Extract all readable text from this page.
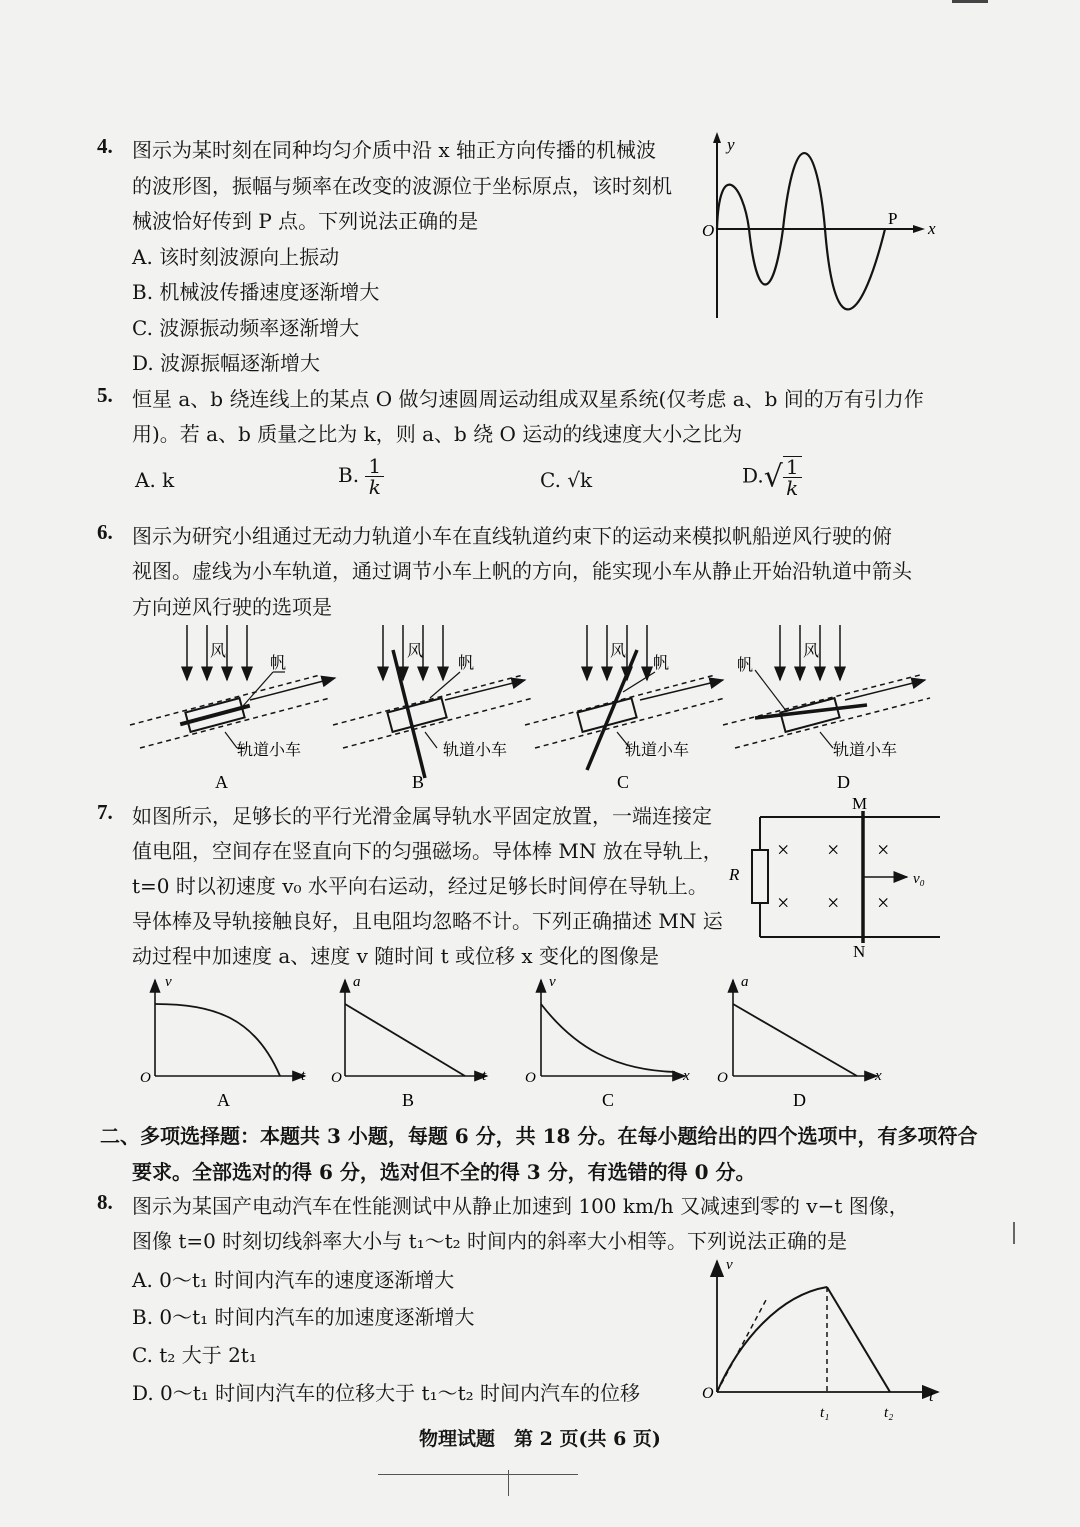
4. 图示为某时刻在同种均匀介质中沿 x 轴正方向传播的机械波
的波形图，振幅与频率在改变的波源位于坐标原点，该时刻机
械波恰好传到 P 点。下列说法正确的是
A. 该时刻波源向上振动
B. 机械波传播速度逐渐增大
C. 波源振动频率逐渐增大
D. 波源振幅逐渐增大
y
O
P
x
5. 恒星 a、b 绕连线上的某点 O 做匀速圆周运动组成双星系统(仅考虑 a、b 间的万有引力作
用)。若 a、b 质量之比为 k，则 a、b 绕 O 运动的线速度大小之比为
A. k	B. $\frac{1}{k}$	C. √k	$D.√ \frac{1}{k}$
6. 图示为研究小组通过无动力轨道小车在直线轨道约束下的运动来模拟帆船逆风行驶的俯
视图。虚线为小车轨道，通过调节小车上帆的方向，能实现小车从静止开始沿轨道中箭头
方向逆风行驶的选项是
风
帆
轨道小车
A
风
帆
轨道小车
B
风
帆
轨道小车
C
风
帆
轨道小车
D
7. 如图所示，足够长的平行光滑金属导轨水平固定放置，一端连接定
值电阻，空间存在竖直向下的匀强磁场。导体棒 MN 放在导轨上，
t=0 时以初速度 v₀ 水平向右运动，经过足够长时间停在导轨上。
导体棒及导轨接触良好，且电阻均忽略不计。下列正确描述 MN 运
动过程中加速度 a、速度 v 随时间 t 或位移 x 变化的图像是
M
N
R	v₀
× × ×
× × ×
v
O	t
A
a
O	t
B
v
O	x
C
a
O	x
D
二、多项选择题：本题共 3 小题，每题 6 分，共 18 分。在每小题给出的四个选项中，有多项符合
要求。全部选对的得 6 分，选对但不全的得 3 分，有选错的得 0 分。
8. 图示为某国产电动汽车在性能测试中从静止加速到 100 km/h 又减速到零的 v−t 图像，
图像 t=0 时刻切线斜率大小与 t₁～t₂ 时间内的斜率大小相等。下列说法正确的是
A. 0～t₁ 时间内汽车的速度逐渐增大
B. 0～t₁ 时间内汽车的加速度逐渐增大
C. t₂ 大于 2t₁
D. 0～t₁ 时间内汽车的位移大于 t₁～t₂ 时间内汽车的位移
v
O	t
t₁	t₂
物理试题　第 2 页(共 6 页)
